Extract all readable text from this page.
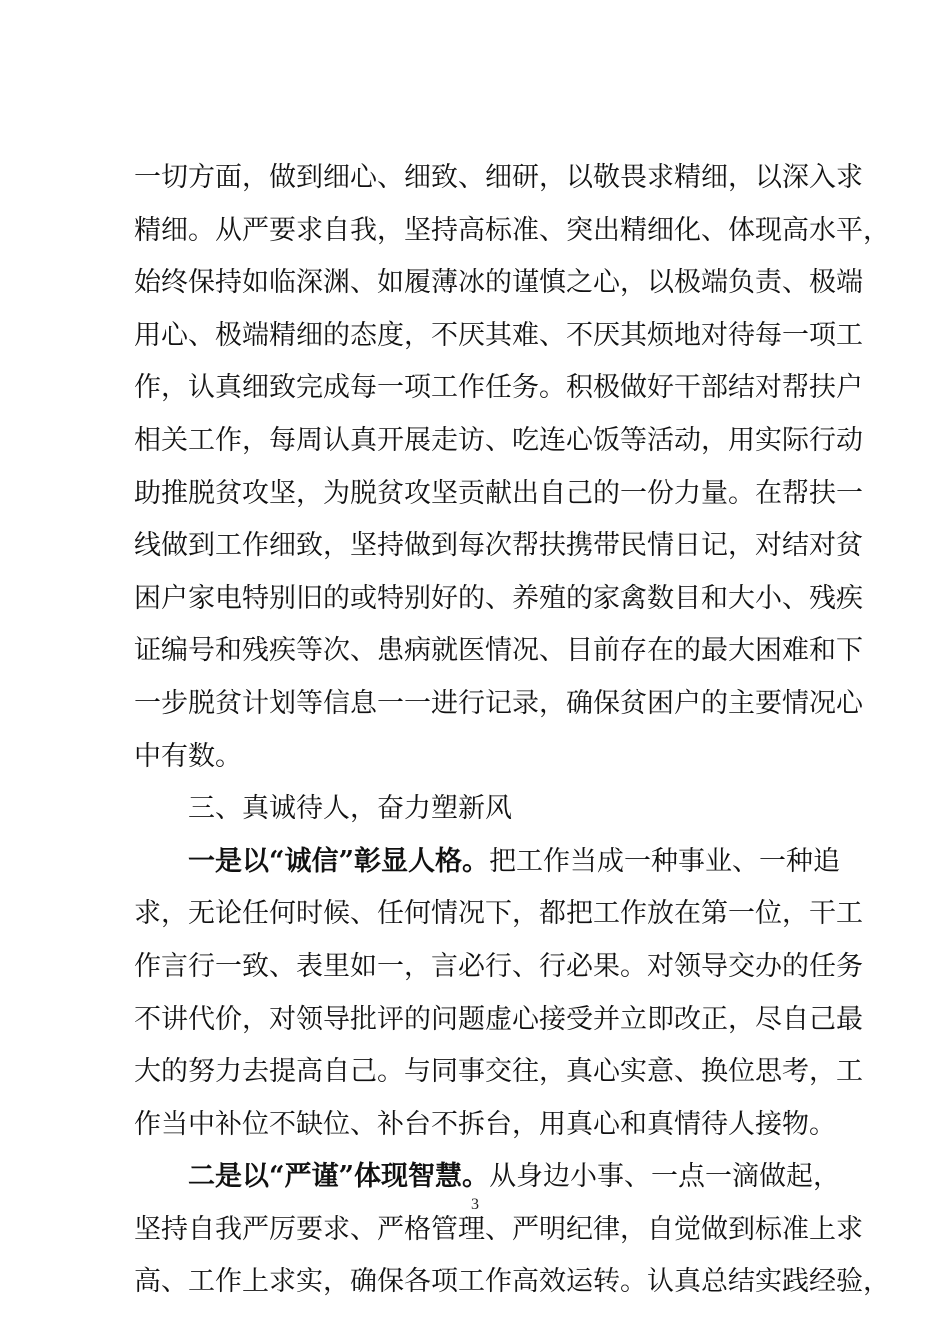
一切方面，做到细心、细致、细研，以敬畏求精细，以深入求
精细。从严要求自我，坚持高标准、突出精细化、体现高水平，
始终保持如临深渊、如履薄冰的谨慎之心，以极端负责、极端
用心、极端精细的态度，不厌其难、不厌其烦地对待每一项工
作，认真细致完成每一项工作任务。积极做好干部结对帮扶户
相关工作，每周认真开展走访、吃连心饭等活动，用实际行动
助推脱贫攻坚，为脱贫攻坚贡献出自己的一份力量。在帮扶一
线做到工作细致，坚持做到每次帮扶携带民情日记，对结对贫
困户家电特别旧的或特别好的、养殖的家禽数目和大小、残疾
证编号和残疾等次、患病就医情况、目前存在的最大困难和下
一步脱贫计划等信息一一进行记录，确保贫困户的主要情况心
中有数。
三、真诚待人，奋力塑新风
一是以“诚信”彰显人格。把工作当成一种事业、一种追
求，无论任何时候、任何情况下，都把工作放在第一位，干工
作言行一致、表里如一，言必行、行必果。对领导交办的任务
不讲代价，对领导批评的问题虚心接受并立即改正，尽自己最
大的努力去提高自己。与同事交往，真心实意、换位思考，工
作当中补位不缺位、补台不拆台，用真心和真情待人接物。
二是以“严谨”体现智慧。从身边小事、一点一滴做起，
坚持自我严厉要求、严格管理、严明纪律，自觉做到标准上求
高、工作上求实，确保各项工作高效运转。认真总结实践经验，
3
